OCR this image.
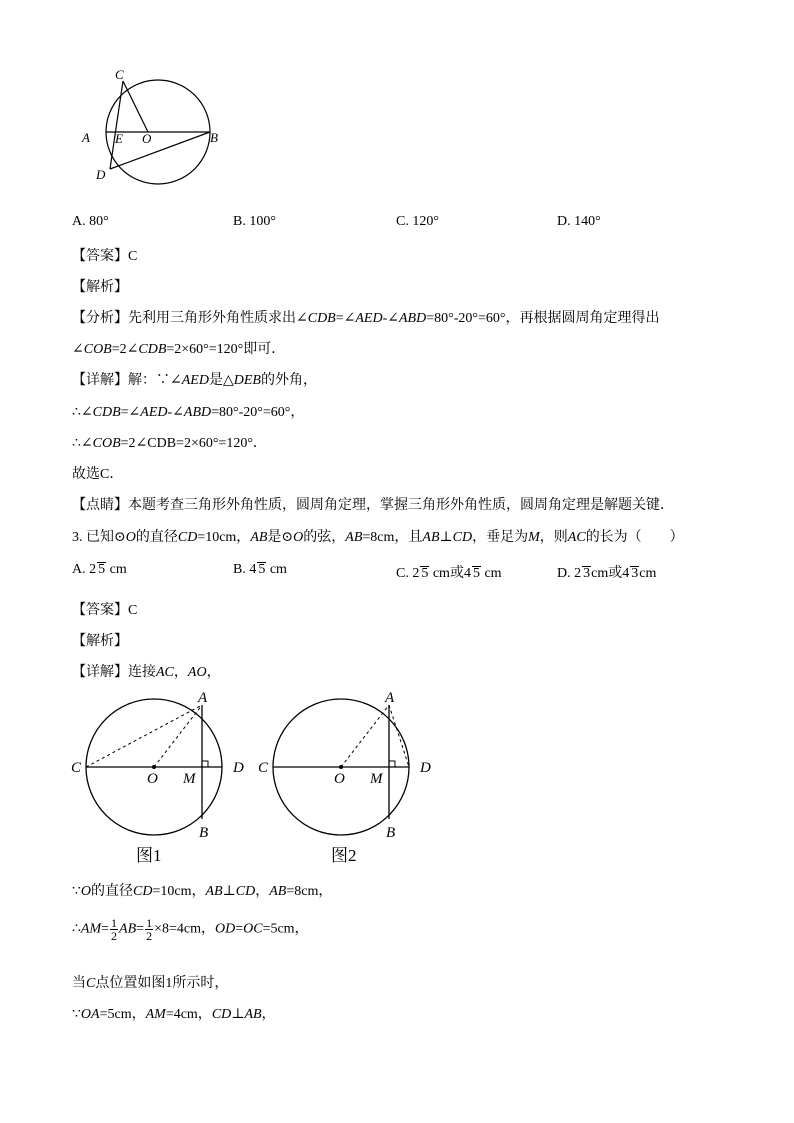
C
A E O	B
D
A. 80°	B. 100°	C. 120°	D. 140°
【答案】C
【解析】
【分析】先利用三角形外角性质求出∠CDB=∠AED-∠ABD=80°-20°=60°，再根据圆周角定理得出
∠COB=2∠CDB=2×60°=120°即可．
【详解】解：∵∠AED是△DEB的外角，
∴∠CDB=∠AED-∠ABD=80°-20°=60°，
∴∠COB=2∠CDB=2×60°=120°．
故选C．
【点睛】本题考查三角形外角性质，圆周角定理，掌握三角形外角性质，圆周角定理是解题关键．
3. 已知⊙O的直径CD=10cm，AB是⊙O的弦，AB=8cm，且AB⊥CD，垂足为M，则AC的长为（　　）
A. 2 5 cm	B. 4 5 cm	C. 2 5 cm或4 5 cm	D. 2 3cm或4 3cm
【答案】C
【解析】
【详解】连接AC，AO，
A
B
C	D
O M
图1
A
B
C	D
O M
图2
∵O的直径CD=10cm，AB⊥CD，AB=8cm，
∴AM= $\frac{1}{2} AB= \frac{1}{2} \times 8=4cm$，OD=OC=5cm，
当C点位置如图1所示时，
∵OA=5cm，AM=4cm，CD⊥AB，
